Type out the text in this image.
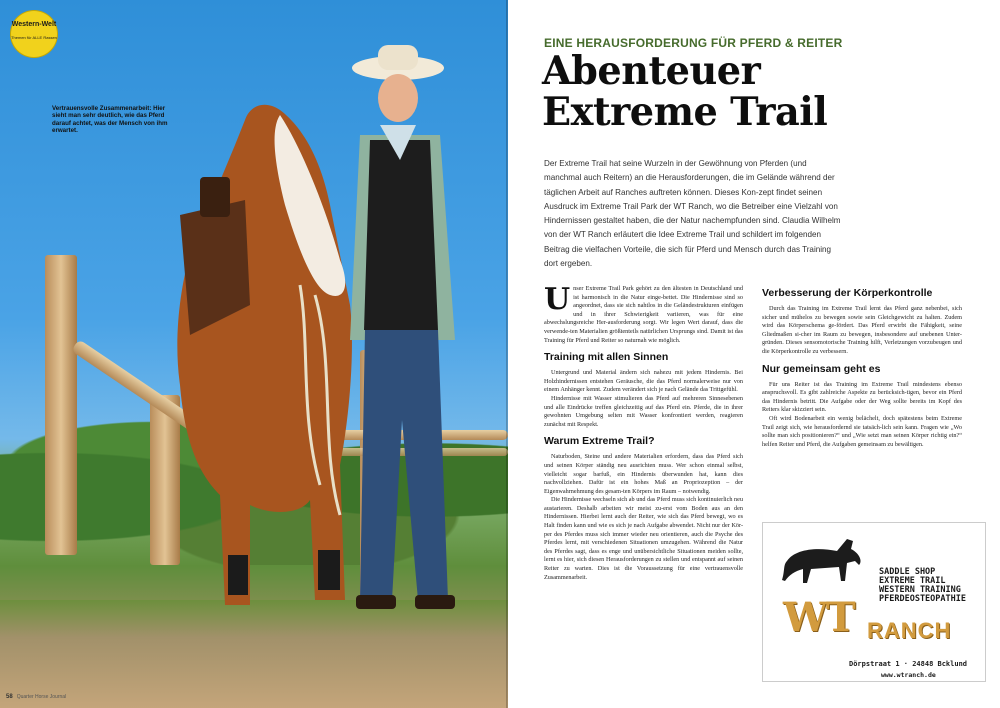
Western-Welt
Themen für ALLE Rassen
Vertrauensvolle Zusammenarbeit: Hier sieht man sehr deutlich, wie das Pferd darauf achtet, was der Mensch von ihm erwartet.
58 Quarter Horse Journal
EINE HERAUSFORDERUNG FÜR PFERD & REITER
Abenteuer
Extreme Trail
Der Extreme Trail hat seine Wurzeln in der Gewöhnung von Pferden (und manchmal auch Reitern) an die Herausforderungen, die im Gelände während der täglichen Arbeit auf Ranches auftreten können. Dieses Kon-zept findet seinen Ausdruck im Extreme Trail Park der WT Ranch, wo die Betreiber eine Vielzahl von Hindernissen gestaltet haben, die der Natur nachempfunden sind. Claudia Wilhelm von der WT Ranch erläutert die Idee Extreme Trail und schildert im folgenden Beitrag die vielfachen Vorteile, die sich für Pferd und Mensch durch das Training dort ergeben.

Unser Extreme Trail Park gehört zu den ältesten in Deutschland und ist harmonisch in die Natur einge-bettet. Die Hindernisse sind so angeordnet, dass sie sich nahtlos in die Geländestrukturen einfügen und in ihrer Schwierigkeit variieren, was für eine abwechslungsreiche Her-ausforderung sorgt. Wir legen Wert darauf, dass die verwende-ten Materialien größtenteils natürlichen Ursprungs sind. Damit ist das Training für Pferd und Reiter so naturnah wie möglich.

Training mit allen Sinnen

Untergrund und Material ändern sich nahezu mit jedem Hindernis. Bei Holzhindernissen entstehen Geräusche, die das Pferd normalerweise nur von einem Anhänger kennt. Zudem verändert sich je nach Gelände das Trittgefühl.

Hindernisse mit Wasser stimulieren das Pferd auf mehreren Sinnesebenen und alle Eindrücke treffen gleichzeitig auf das Pferd ein. Pferde, die in ihrer gewohnten Umgebung selten mit Wasser konfrontiert werden, reagieren zunächst mit Respekt.

Warum Extreme Trail?

Naturboden, Steine und andere Materialien erfordern, dass das Pferd sich und seinen Körper ständig neu ausrichten muss. Wer schon einmal selbst, vielleicht sogar barfuß, ein Hindernis überwunden hat, kann dies nachvollziehen. Dafür ist ein hohes Maß an Propriozeption – der Eigenwahrnehmung des gesam-ten Körpers im Raum – notwendig.

Die Hindernisse wechseln sich ab und das Pferd muss sich kontinuierlich neu austarieren. Deshalb arbeiten wir meist zu-erst vom Boden aus an den Hindernissen. Hierbei lernt auch der Reiter, wie sich das Pferd bewegt, wo es Halt finden kann und wie es sich je nach Aufgabe abwendet. Nicht nur der Kör-per des Pferdes muss sich immer wieder neu orientieren, auch die Psyche des Pferdes lernt, mit verschiedenen Situationen umzugehen. Während die Natur des Pferdes sagt, dass es enge und unübersichtliche Situationen meiden sollte, lernt es hier, sich diesen Herausforderungen zu stellen und entspannt auf seinen Reiter zu warten. Dies ist die Voraussetzung für eine vertrauensvolle Zusammenarbeit.

Verbesserung der Körperkontrolle

Durch das Training im Extreme Trail lernt das Pferd ganz nebenbei, sich sicher und mühelos zu bewegen sowie sein Gleichgewicht zu halten. Zudem wird das Körperschema ge-fördert. Das Pferd erwirbt die Fähigkeit, seine Gliedmaßen si-cher im Raum zu bewegen, insbesondere auf unebenen Unter-gründen. Dieses sensomotorische Training hilft, Verletzungen vorzubeugen und die Körperkontrolle zu verbessern.

Nur gemeinsam geht es

Für uns Reiter ist das Training im Extreme Trail mindestens ebenso anspruchsvoll. Es gibt zahlreiche Aspekte zu berücksich-tigen, bevor ein Pferd das Hindernis betritt. Die Aufgabe oder der Weg sollte bereits im Kopf des Reiters klar skizziert sein.

Oft wird Bodenarbeit ein wenig belächelt, doch spätestens beim Extreme Trail zeigt sich, wie herausfordernd sie tatsäch-lich sein kann. Fragen wie „Wo sollte man sich positionieren?“ und „Wie setzt man seinen Körper richtig ein?“ helfen Reiter und Pferd, die Aufgaben gemeinsam zu bewältigen.

SADDLE SHOP
EXTREME TRAIL
WESTERN TRAINING
PFERDEOSTEOPATHIE
WT RANCH
Dörpstraat 1 · 24848 Bcklund
www.wtranch.de
